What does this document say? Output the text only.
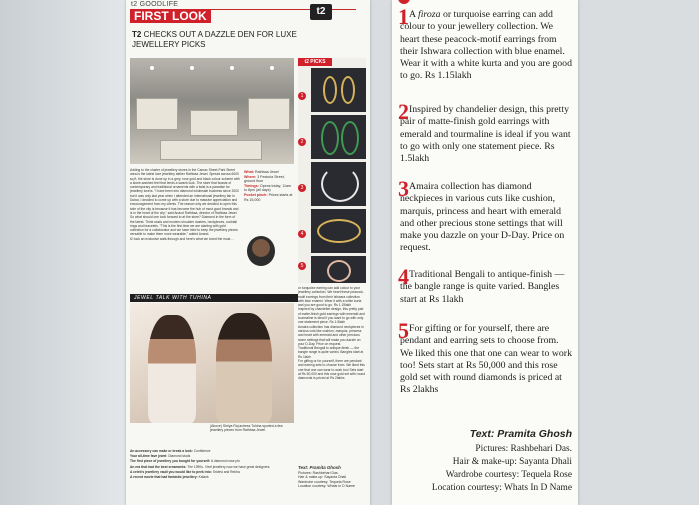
t2 GOODLIFE
FIRST LOOK	t2
T2 CHECKS OUT A DAZZLE DEN FOR LUXE JEWELLERY PICKS
Adding to the cluster of jewellery stores in the Camac Street-Park Street area is the latest luxe jewellery atelier Rathbaa Jewel. Spread across 6000 sq ft, the store is done up in a grey, rose gold and black colour scheme with a stone-washed feel that lends a swank look. The store that boasts of contemporary and traditional ornaments with a twist is a paradise for jewellery lovers. "I have been into diamond wholesale business since 2000 but it was only last year when I attended an international jewellery fair in Dubai, I decided to come up with a store due to massive appreciation and encouragement from my clients. The reason why we decided to open this side of the city is because it has become the hub of most good brands and is in the heart of the city," said Anand Rathbaa, director of Rathbaa Jewel. So what should one look forward to at the store? Diamond in the form of the latest. Think studs and modern shoulder dusters, neckpieces, cocktail rings and bracelets. "This is the first time we are starting with gold collection for a collaborator and we have tried to keep the jewellery pieces versatile to make them more wearable," added Anand.
t2 took an exclusive walk-through and here's what we loved the most…
What: Rathbaa Jewel
Where: 3 Festuria Street, ground floor
Timings: Opens today; 11am to 8pm (all days)
Pocket pinch: Prices starts at Rs 15,000
JEWEL TALK WITH TUHINA
(Above) Shriya Raj actress Tuhina sported a few jewellery pieces from Rathbaa Jewel.
An accessory can make or break a look: Confidence
Your all-time fave jewel: Diamond studs
The first piece of jewellery you bought for yourself: A diamond nose pin
An era that had the best ornaments: The 1990s. I feel jewellery now we have great designers.
A celeb's jewellery vault you would like to peek into: Sridevi and Rekha
A recent movie that had fantastic jewellery: Kalank
1
2
3
4
5
t2 PICKS
or turquoise earring can add colour to your jewellery collection. We heart these peacock-motif earrings from their Ishwara collection with blue enamel. Wear it with a white kurta and you are good to go. Rs 1.15lakh
Inspired by chandelier design, this pretty pair of matte-finish gold earrings with emerald and tourmaline is ideal if you want to go with only one statement piece. Rs 1.5lakh
Amaira collection has diamond neckpieces in various cuts like cushion, marquis, princess and heart with emerald and other precious stone settings that will make you dazzle on your D-Day. Price on request.
Traditional Bengali to antique-finish — the bangle range is quite varied. Bangles start at Rs 1lakh
For gifting or for yourself, there are pendant and earring sets to choose from. We liked this one that one can wear to work too! Sets start at Rs 50,000 and this rose gold set with round diamonds is priced at Rs 2lakhs
Text: Pramita Ghosh
Pictures: Rashbehari Das.
Hair & make-up: Sayanta Dhali
Wardrobe courtesy: Tequela Rose
Location courtesy: Whats In D Name
1 A firoza or turquoise earring can add colour to your jewellery collection. We heart these peacock-motif earrings from their Ishwara collection with blue enamel. Wear it with a white kurta and you are good to go. Rs 1.15lakh
2 Inspired by chandelier design, this pretty pair of matte-finish gold earrings with emerald and tourmaline is ideal if you want to go with only one statement piece. Rs 1.5lakh
3 Amaira collection has diamond neckpieces in various cuts like cushion, marquis, princess and heart with emerald and other precious stone settings that will make you dazzle on your D-Day. Price on request.
4 Traditional Bengali to antique-finish — the bangle range is quite varied. Bangles start at Rs 1lakh
5 For gifting or for yourself, there are pendant and earring sets to choose from. We liked this one that one can wear to work too! Sets start at Rs 50,000 and this rose gold set with round diamonds is priced at Rs 2lakhs
Text: Pramita Ghosh
Pictures: Rashbehari Das.
Hair & make-up: Sayanta Dhali
Wardrobe courtesy: Tequela Rose
Location courtesy: Whats In D Name
